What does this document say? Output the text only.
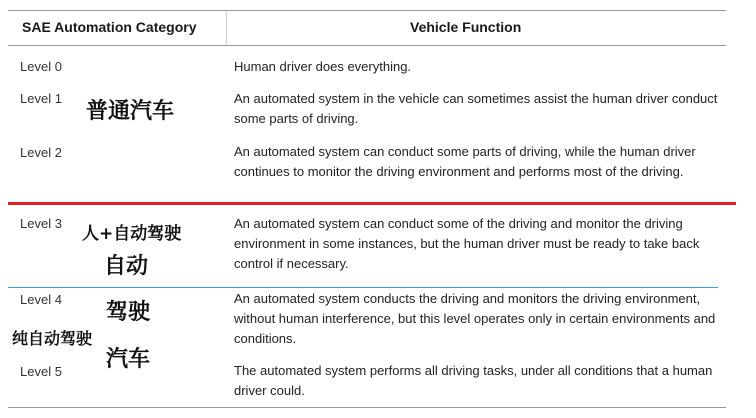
SAE Automation Category	Vehicle Function
Level 0	Human driver does everything.
Level 1	An automated system in the vehicle can sometimes assist the human driver conduct some parts of driving.
Level 2	An automated system can conduct some parts of driving, while the human driver continues to monitor the driving environment and performs most of the driving.
Level 3	An automated system can conduct some of the driving and monitor the driving environment in some instances, but the human driver must be ready to take back control if necessary.
Level 4	An automated system conducts the driving and monitors the driving environment, without human interference, but this level operates only in certain environments and conditions.
Level 5	The automated system performs all driving tasks, under all conditions that a human driver could.
普通汽车
人+自动驾驶
自动
驾驶
纯自动驾驶
汽车
